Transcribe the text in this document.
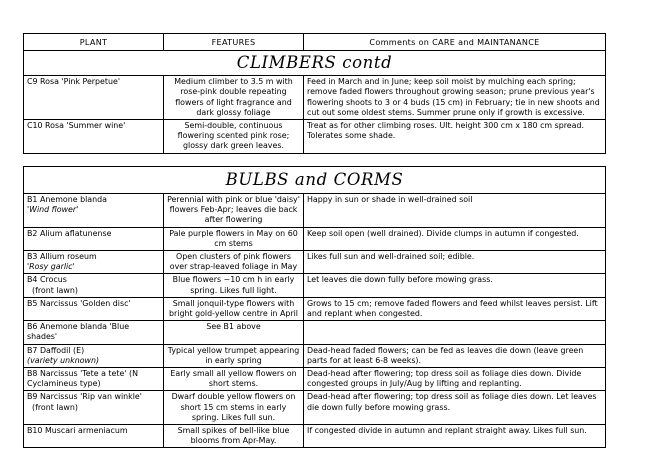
PLANT	FEATURES	Comments on CARE and MAINTANANCE
CLIMBERS contd		
C9 Rosa 'Pink Perpetue'	Medium climber to 3.5 m with rose-pink double repeating flowers of light fragrance and dark glossy foliage	Feed in March and in June; keep soil moist by mulching each spring; remove faded flowers throughout growing season; prune previous year's flowering shoots to 3 or 4 buds (15 cm) in February; tie in new shoots and cut out some oldest stems. Summer prune only if growth is excessive.
C10 Rosa 'Summer wine'	Semi-double, continuous flowering scented pink rose; glossy dark green leaves.	Treat as for other climbing roses. Ult. height 300 cm x 180 cm spread. Tolerates some shade.
BULBS and CORMS		

B1 Anemone blanda
'Wind flower'	Perennial with pink or blue 'daisy' flowers Feb-Apr; leaves die back after flowering	Happy in sun or shade in well-drained soil
B2 Alium aflatunense	Pale purple flowers in May on 60 cm stems	Keep soil open (well drained). Divide clumps in autumn if congested.

B3 Allium roseum
'Rosy garlic'	Open clusters of pink flowers over strap-leaved foliage in May	Likes full sun and well-drained soil; edible.

B4 Crocus
(front lawn)	Blue flowers ~10 cm h in early spring. Likes full light.	Let leaves die down fully before mowing grass.
B5 Narcissus 'Golden disc'	Small jonquil-type flowers with bright gold-yellow centre in April	Grows to 15 cm; remove faded flowers and feed whilst leaves persist. Lift and replant when congested.
B6 Anemone blanda 'Blue shades'	See B1 above	

B7 Daffodil (E)
(variety unknown)	Typical yellow trumpet appearing in early spring	Dead-head faded flowers; can be fed as leaves die down (leave green parts for at least 6-8 weeks).
B8 Narcissus 'Tete a tete' (N Cyclamineus type)	Early small all yellow flowers on short stems.	Dead-head after flowering; top dress soil as foliage dies down. Divide congested groups in July/Aug by lifting and replanting.

B9 Narcissus 'Rip van winkle'
(front lawn)	Dwarf double yellow flowers on short 15 cm stems in early spring. Likes full sun.	Dead-head after flowering; top dress soil as foliage dies down. Let leaves die down fully before mowing grass.
B10 Muscari armeniacum	Small spikes of bell-like blue blooms from Apr-May.	If congested divide in autumn and replant straight away. Likes full sun.
